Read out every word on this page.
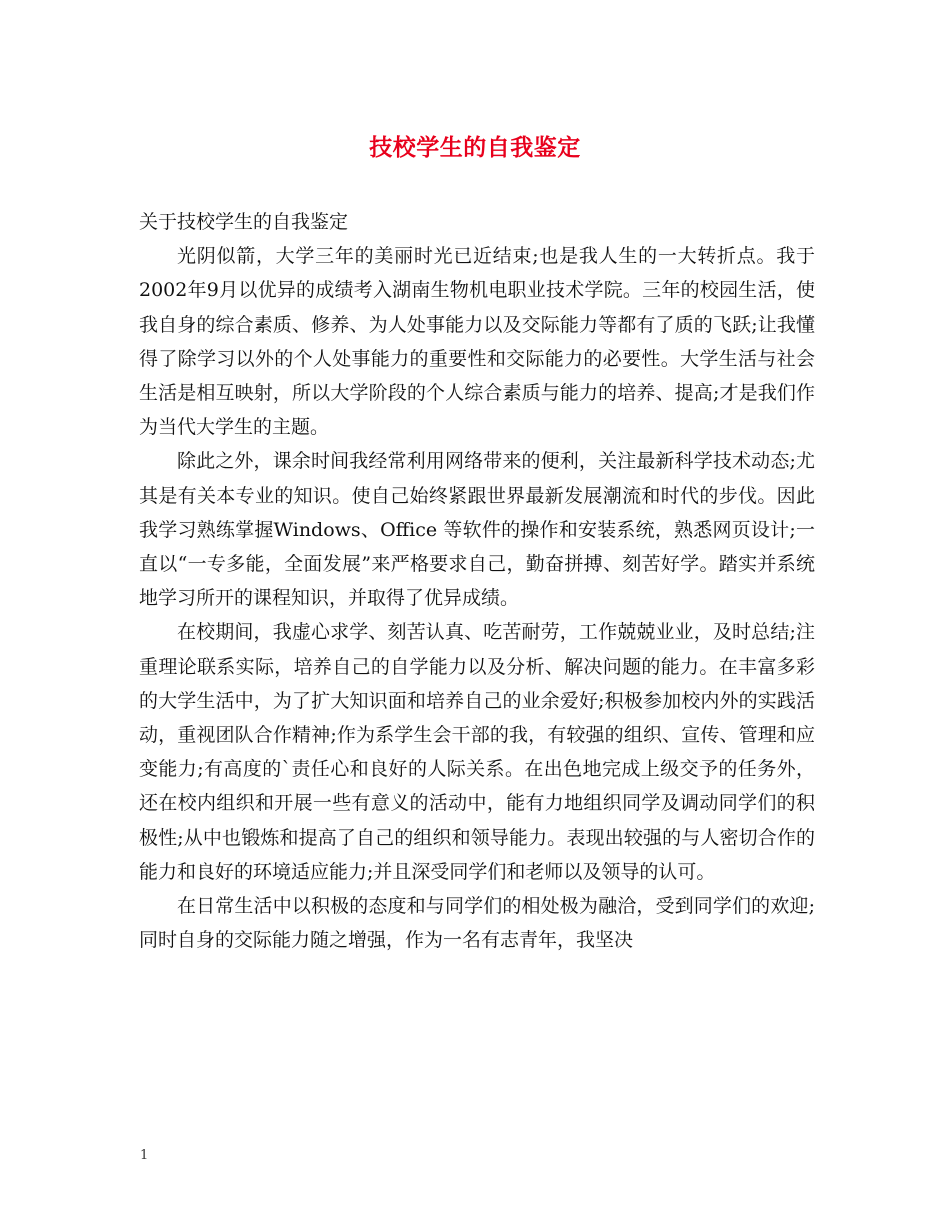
技校学生的自我鉴定

关于技校学生的自我鉴定

光阴似箭，大学三年的美丽时光已近结束;也是我人生的一大转折点。我于2002年9月以优异的成绩考入湖南生物机电职业技术学院。三年的校园生活，使我自身的综合素质、修养、为人处事能力以及交际能力等都有了质的飞跃;让我懂得了除学习以外的个人处事能力的重要性和交际能力的必要性。大学生活与社会生活是相互映射，所以大学阶段的个人综合素质与能力的培养、提高;才是我们作为当代大学生的主题。

除此之外，课余时间我经常利用网络带来的便利，关注最新科学技术动态;尤其是有关本专业的知识。使自己始终紧跟世界最新发展潮流和时代的步伐。因此我学习熟练掌握Windows、Office 等软件的操作和安装系统，熟悉网页设计;一直以“一专多能，全面发展”来严格要求自己，勤奋拼搏、刻苦好学。踏实并系统地学习所开的课程知识，并取得了优异成绩。

在校期间，我虚心求学、刻苦认真、吃苦耐劳，工作兢兢业业，及时总结;注重理论联系实际，培养自己的自学能力以及分析、解决问题的能力。在丰富多彩的大学生活中，为了扩大知识面和培养自己的业余爱好;积极参加校内外的实践活动，重视团队合作精神;作为系学生会干部的我，有较强的组织、宣传、管理和应变能力;有高度的`责任心和良好的人际关系。在出色地完成上级交予的任务外，还在校内组织和开展一些有意义的活动中，能有力地组织同学及调动同学们的积极性;从中也锻炼和提高了自己的组织和领导能力。表现出较强的与人密切合作的能力和良好的环境适应能力;并且深受同学们和老师以及领导的认可。

在日常生活中以积极的态度和与同学们的相处极为融洽，受到同学们的欢迎;同时自身的交际能力随之增强，作为一名有志青年，我坚决

1
